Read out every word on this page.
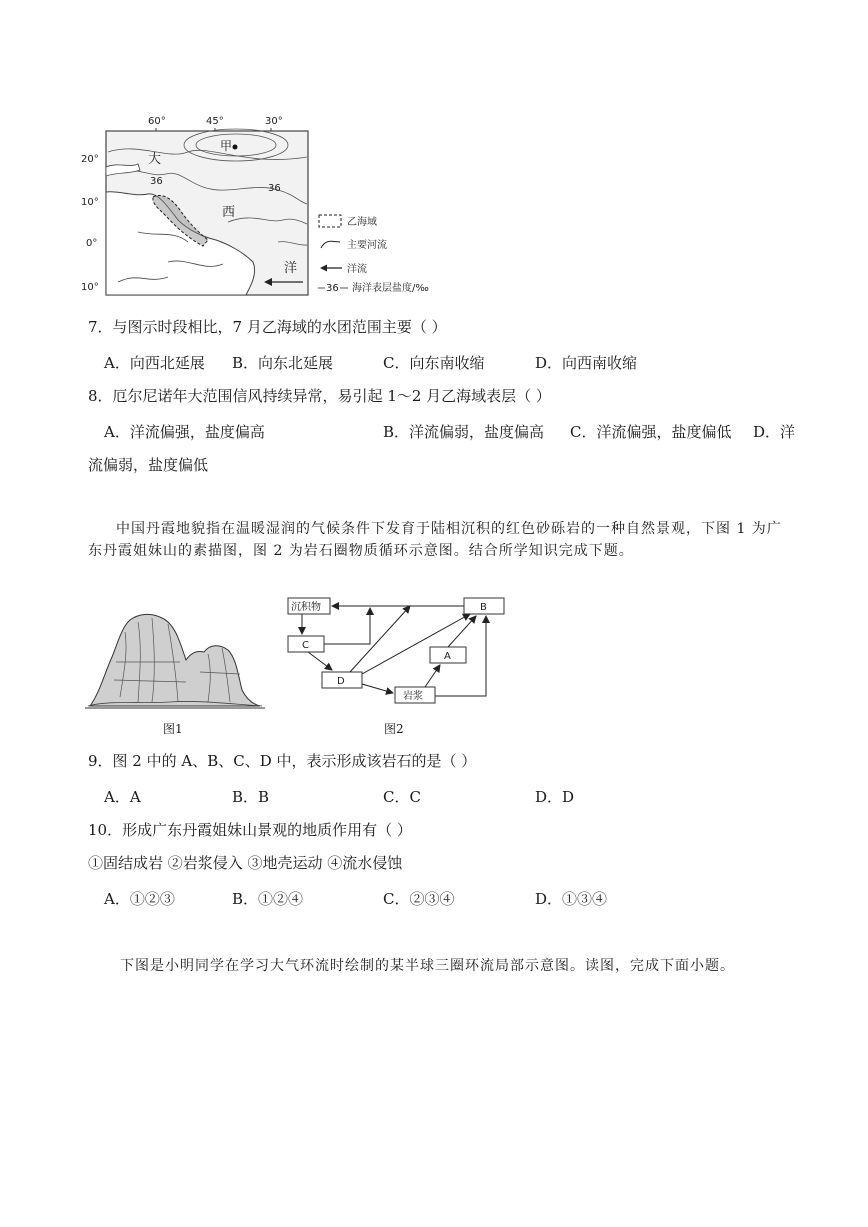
60°	45°	30°
20°
10°
0°
10°
甲
大
西
洋
36
36
乙海域
主要河流
洋流
36 海洋表层盐度/‰
7．与图示时段相比，7 月乙海域的水团范围主要（ ）
A．向西北延展 B．向东北延展	C．向东南收缩	D．向西南收缩
8．厄尔尼诺年大范围信风持续异常，易引起 1～2 月乙海域表层（ ）
A．洋流偏强，盐度偏高	B．洋流偏弱，盐度偏高 C．洋流偏强，盐度偏低 D．洋
流偏弱，盐度偏低
中国丹霞地貌指在温暖湿润的气候条件下发育于陆相沉积的红色砂砾岩的一种自然景观，下图 1 为广东丹霞姐妹山的素描图，图 2 为岩石圈物质循环示意图。结合所学知识完成下题。
图1
沉积物	B
C
A
D
岩浆
图2
9．图 2 中的 A、B、C、D 中，表示形成该岩石的是（ ）
A．A	B．B	C．C	D．D
10．形成广东丹霞姐妹山景观的地质作用有（ ）
①固结成岩 ②岩浆侵入 ③地壳运动 ④流水侵蚀
A．①②③	B．①②④	C．②③④	D．①③④
下图是小明同学在学习大气环流时绘制的某半球三圈环流局部示意图。读图，完成下面小题。
